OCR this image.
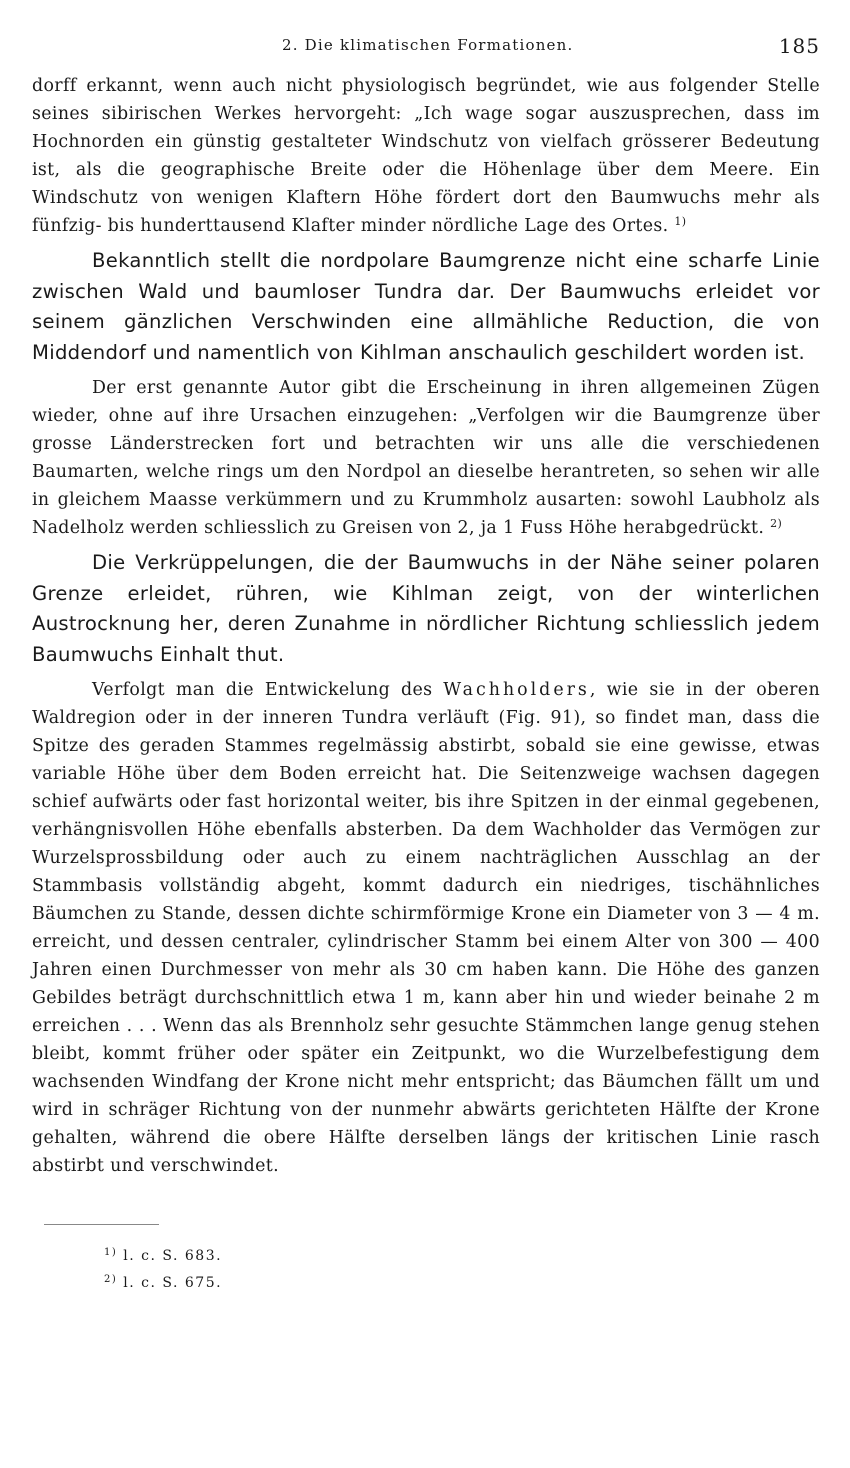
2. Die klimatischen Formationen.	185

dorff erkannt, wenn auch nicht physiologisch begründet, wie aus folgender Stelle seines sibirischen Werkes hervorgeht: „Ich wage sogar auszusprechen, dass im Hochnorden ein günstig gestalteter Windschutz von vielfach grösserer Bedeutung ist, als die geographische Breite oder die Höhenlage über dem Meere. Ein Windschutz von wenigen Klaftern Höhe fördert dort den Baumwuchs mehr als fünfzig- bis hunderttausend Klafter minder nördliche Lage des Ortes. $^{1)}$

Bekanntlich stellt die nordpolare Baumgrenze nicht eine scharfe Linie zwischen Wald und baumloser Tundra dar. Der Baumwuchs erleidet vor seinem gänzlichen Verschwinden eine allmähliche Reduction, die von Middendorf und namentlich von Kihlman anschaulich geschildert worden ist.

Der erst genannte Autor gibt die Erscheinung in ihren allgemeinen Zügen wieder, ohne auf ihre Ursachen einzugehen: „Verfolgen wir die Baumgrenze über grosse Länderstrecken fort und betrachten wir uns alle die verschiedenen Baumarten, welche rings um den Nordpol an dieselbe herantreten, so sehen wir alle in gleichem Maasse verkümmern und zu Krummholz ausarten: sowohl Laubholz als Nadelholz werden schliesslich zu Greisen von 2, ja 1 Fuss Höhe herabgedrückt. $^{2)}$

Die Verkrüppelungen, die der Baumwuchs in der Nähe seiner polaren Grenze erleidet, rühren, wie Kihlman zeigt, von der winterlichen Austrocknung her, deren Zunahme in nördlicher Richtung schliesslich jedem Baumwuchs Einhalt thut.

Verfolgt man die Entwickelung des Wachholders, wie sie in der oberen Waldregion oder in der inneren Tundra verläuft (Fig. 91), so findet man, dass die Spitze des geraden Stammes regelmässig abstirbt, sobald sie eine gewisse, etwas variable Höhe über dem Boden erreicht hat. Die Seitenzweige wachsen dagegen schief aufwärts oder fast horizontal weiter, bis ihre Spitzen in der einmal gegebenen, verhängnisvollen Höhe ebenfalls absterben. Da dem Wachholder das Vermögen zur Wurzelsprossbildung oder auch zu einem nachträglichen Ausschlag an der Stammbasis vollständig abgeht, kommt dadurch ein niedriges, tischähnliches Bäumchen zu Stande, dessen dichte schirmförmige Krone ein Diameter von 3 — 4 m. erreicht, und dessen centraler, cylindrischer Stamm bei einem Alter von 300 — 400 Jahren einen Durchmesser von mehr als 30 cm haben kann. Die Höhe des ganzen Gebildes beträgt durchschnittlich etwa 1 m, kann aber hin und wieder beinahe 2 m erreichen . . . Wenn das als Brennholz sehr gesuchte Stämmchen lange genug stehen bleibt, kommt früher oder später ein Zeitpunkt, wo die Wurzelbefestigung dem wachsenden Windfang der Krone nicht mehr entspricht; das Bäumchen fällt um und wird in schräger Richtung von der nunmehr abwärts gerichteten Hälfte der Krone gehalten, während die obere Hälfte derselben längs der kritischen Linie rasch abstirbt und verschwindet.

$^{1)}$ l. c. S. 683.
$^{2)}$ l. c. S. 675.
